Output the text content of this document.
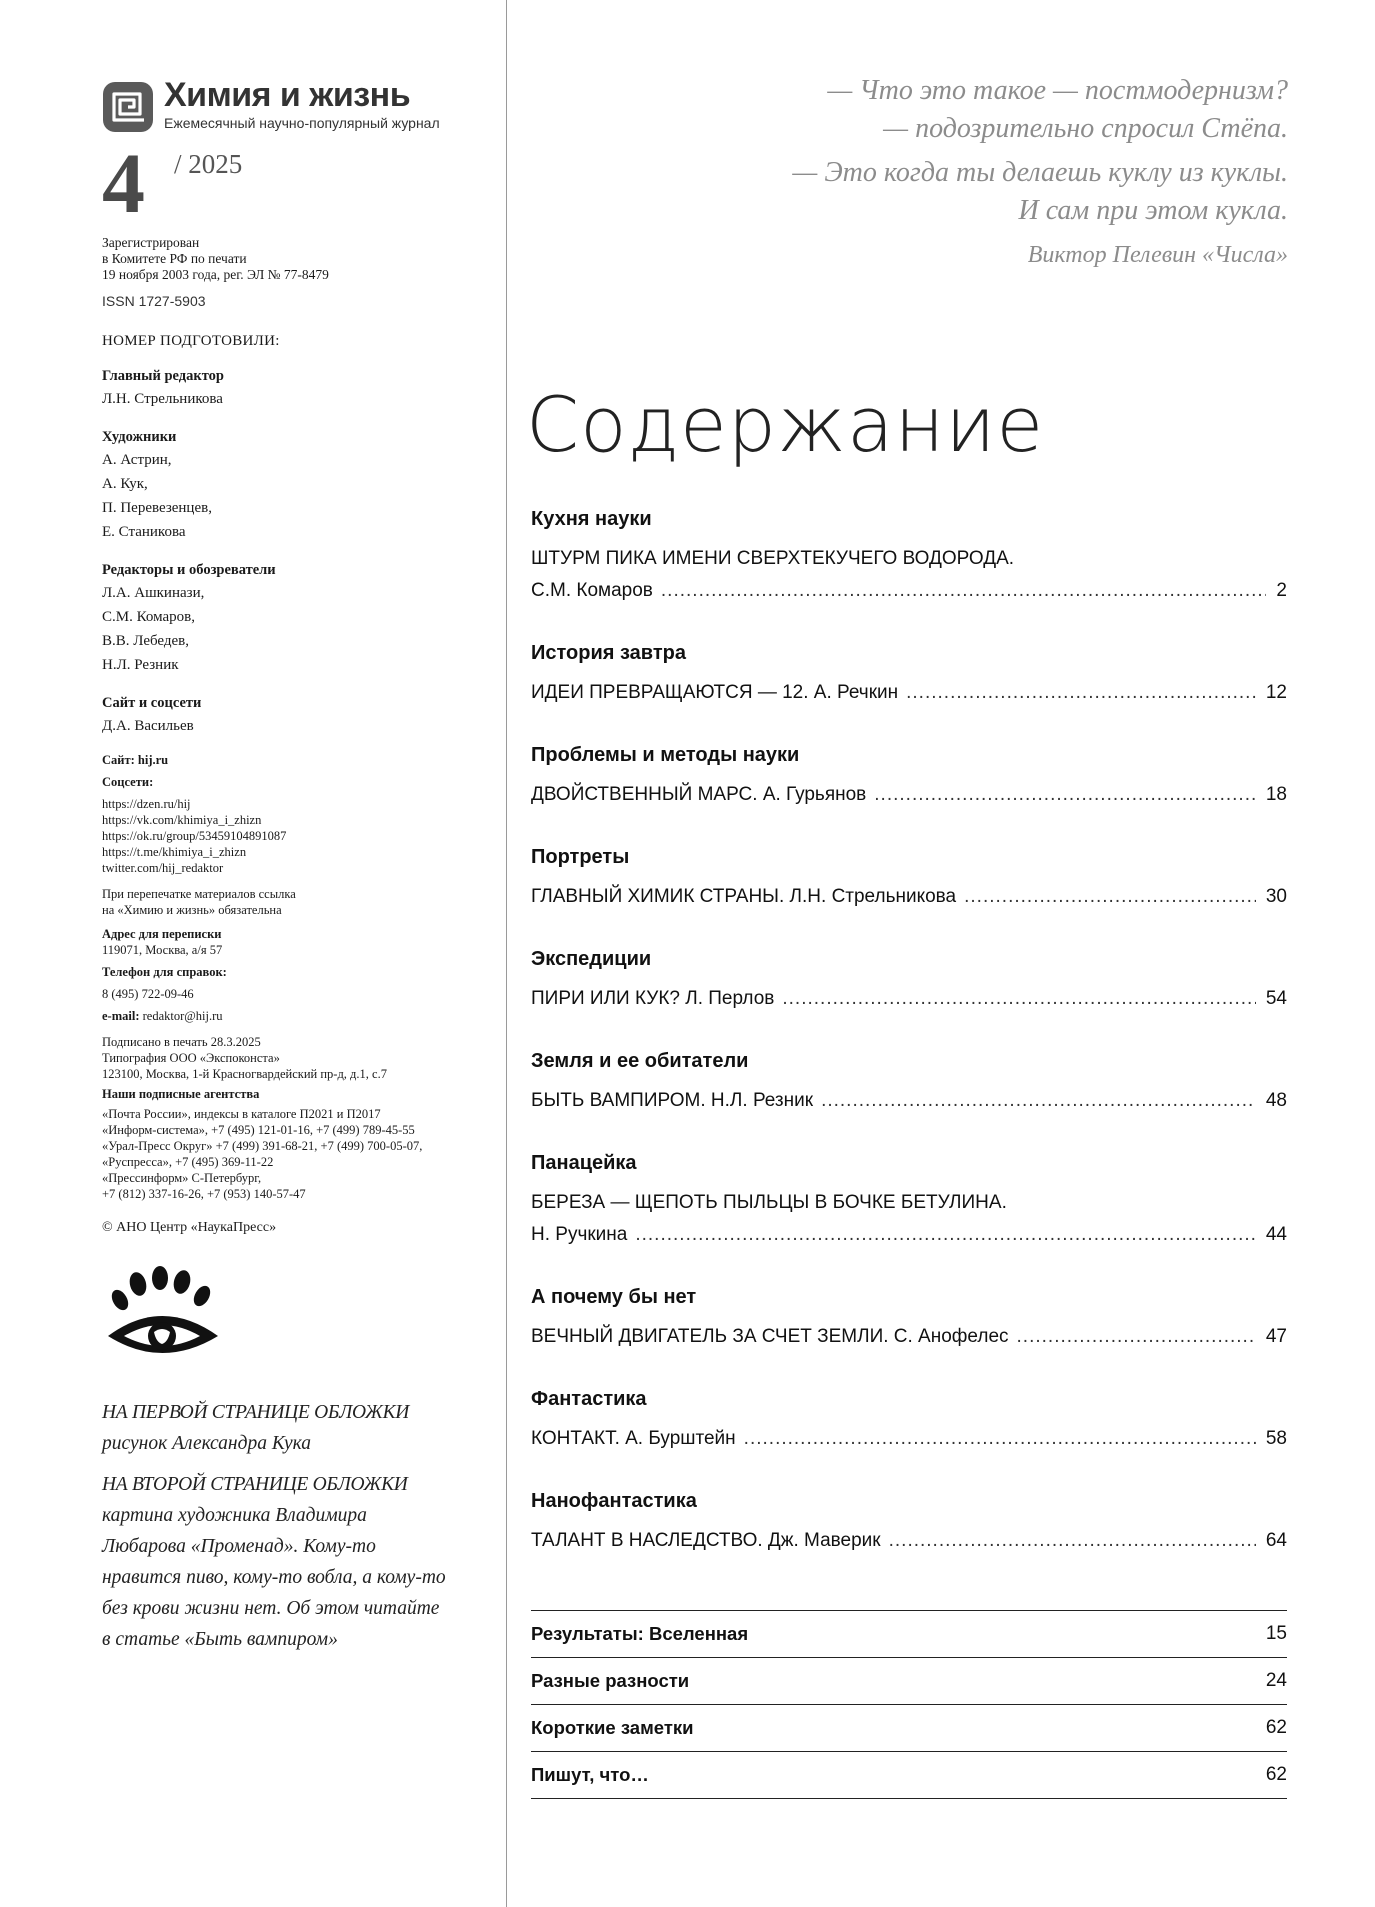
Химия и жизнь
Ежемесячный научно-популярный журнал
4 / 2025
Зарегистрирован
в Комитете РФ по печати
19 ноября 2003 года, рег. ЭЛ № 77-8479
ISSN 1727-5903
НОМЕР ПОДГОТОВИЛИ:
Главный редактор
Л.Н. Стрельникова
Художники
А. Астрин,
А. Кук,
П. Перевезенцев,
Е. Станикова
Редакторы и обозреватели
Л.А. Ашкинази,
С.М. Комаров,
В.В. Лебедев,
Н.Л. Резник
Сайт и соцсети
Д.А. Васильев
Сайт: hij.ru
Соцсети:
https://dzen.ru/hij
https://vk.com/khimiya_i_zhizn
https://ok.ru/group/53459104891087
https://t.me/khimiya_i_zhizn
twitter.com/hij_redaktor
При перепечатке материалов ссылка
на «Химию и жизнь» обязательна
Адрес для переписки
119071, Москва, а/я 57
Телефон для справок:
8 (495) 722-09-46
e-mail: redaktor@hij.ru
Подписано в печать 28.3.2025
Типография ООО «Экспоконста»
123100, Москва, 1-й Красногвардейский пр-д, д.1, с.7
Наши подписные агентства
«Почта России», индексы в каталоге П2021 и П2017
«Информ-система», +7 (495) 121-01-16, +7 (499) 789-45-55
«Урал-Пресс Округ» +7 (499) 391-68-21, +7 (499) 700-05-07,
«Руспресса», +7 (495) 369-11-22
«Прессинформ» С-Петербург,
+7 (812) 337-16-26, +7 (953) 140-57-47
© АНО Центр «НаукаПресс»
НА ПЕРВОЙ СТРАНИЦЕ ОБЛОЖКИ
рисунок Александра Кука
НА ВТОРОЙ СТРАНИЦЕ ОБЛОЖКИ
картина художника Владимира
Любарова «Променад». Кому-то
нравится пиво, кому-то вобла, а кому-то
без крови жизни нет. Об этом читайте
в статье «Быть вампиром»
— Что это такое — постмодернизм?
— подозрительно спросил Стёпа.
— Это когда ты делаешь куклу из куклы.
И сам при этом кукла.
Виктор Пелевин «Числа»
Содержание
Кухня науки
ШТУРМ ПИКА ИМЕНИ СВЕРХТЕКУЧЕГО ВОДОРОДА.
С.М. Комаров .....	2
История завтра
ИДЕИ ПРЕВРАЩАЮТСЯ — 12. А. Речкин .....	12
Проблемы и методы науки
ДВОЙСТВЕННЫЙ МАРС. А. Гурьянов .....	18
Портреты
ГЛАВНЫЙ ХИМИК СТРАНЫ. Л.Н. Стрельникова .....	30
Экспедиции
ПИРИ ИЛИ КУК? Л. Перлов .....	54
Земля и ее обитатели
БЫТЬ ВАМПИРОМ. Н.Л. Резник .....	48
Панацейка
БЕРЕЗА — ЩЕПОТЬ ПЫЛЬЦЫ В БОЧКЕ БЕТУЛИНА.
Н. Ручкина .....	44
А почему бы нет
ВЕЧНЫЙ ДВИГАТЕЛЬ ЗА СЧЕТ ЗЕМЛИ. С. Анофелес .....	47
Фантастика
КОНТАКТ. А. Бурштейн .....	58
Нанофантастика
ТАЛАНТ В НАСЛЕДСТВО. Дж. Маверик .....	64
Результаты: Вселенная	15
Разные разности	24
Короткие заметки	62
Пишут, что…	62
